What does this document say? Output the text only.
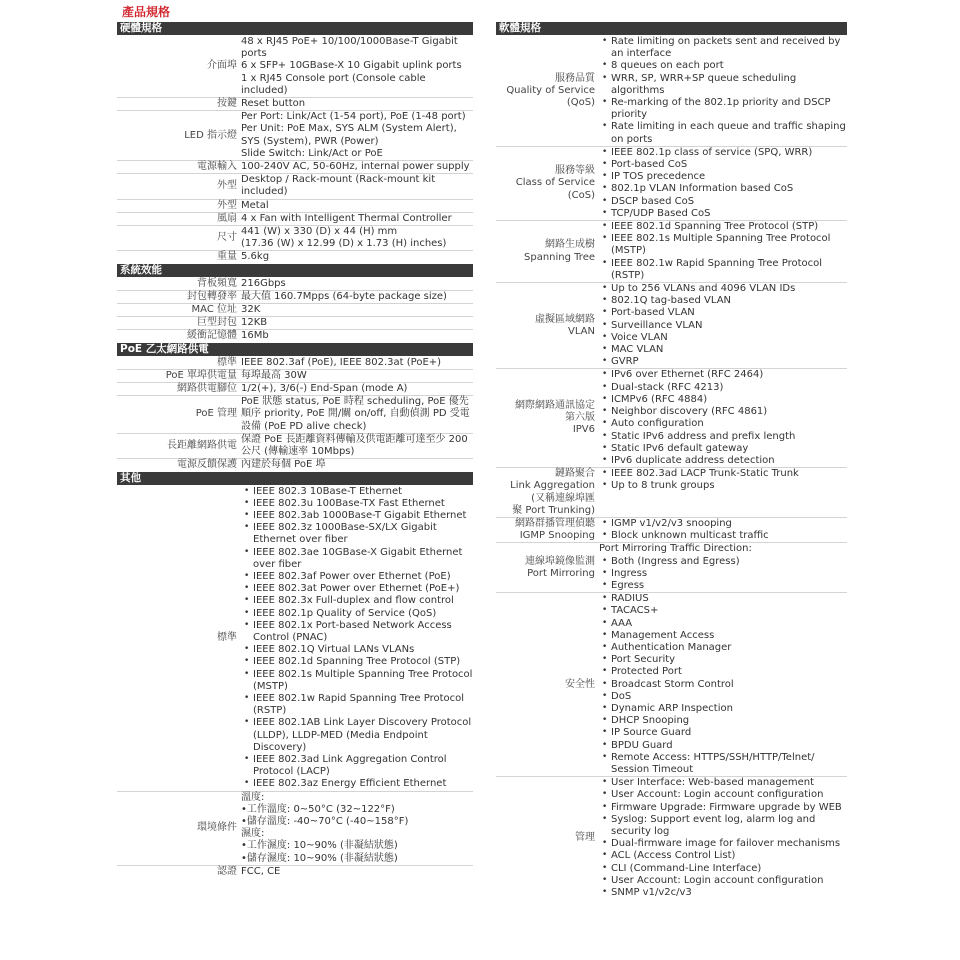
產品規格
硬體規格
介面埠
48 x RJ45 PoE+ 10/100/1000Base-T Gigabit ports
6 x SFP+ 10GBase-X 10 Gigabit uplink ports
1 x RJ45 Console port (Console cable included)
按鍵 Reset button
LED 指示燈
Per Port: Link/Act (1-54 port), PoE (1-48 port)
Per Unit: PoE Max, SYS ALM (System Alert), SYS (System), PWR (Power)
Slide Switch: Link/Act or PoE
電源輸入 100-240V AC, 50-60Hz, internal power supply
外型
Desktop / Rack-mount (Rack-mount kit included)
外型 Metal
風扇 4 x Fan with Intelligent Thermal Controller
尺寸
441 (W) x 330 (D) x 44 (H) mm
(17.36 (W) x 12.99 (D) x 1.73 (H) inches)
重量 5.6kg
系統效能
背板頻寬 216Gbps
封包轉發率 最大值 160.7Mpps (64-byte package size)
MAC 位址 32K
巨型封包 12KB
緩衝記憶體 16Mb
PoE 乙太網路供電
標準 IEEE 802.3af (PoE), IEEE 802.3at (PoE+)
PoE 單埠供電量 每埠最高 30W
網路供電腳位 1/2(+), 3/6(-) End-Span (mode A)
PoE 管理
PoE 狀態 status, PoE 時程 scheduling, PoE 優先順序 priority, PoE 開/關 on/off, 自動偵測 PD 受電設備 (PoE PD alive check)
長距離網路供電
保證 PoE 長距離資料傳輸及供電距離可達至少 200 公尺 (傳輸速率 10Mbps)
電源反饋保護 內建於每個 PoE 埠
其他
標準
• IEEE 802.3 10Base-T Ethernet
• IEEE 802.3u 100Base-TX Fast Ethernet
• IEEE 802.3ab 1000Base-T Gigabit Ethernet
• IEEE 802.3z 1000Base-SX/LX Gigabit Ethernet over fiber
• IEEE 802.3ae 10GBase-X Gigabit Ethernet over fiber
• IEEE 802.3af Power over Ethernet (PoE)
• IEEE 802.3at Power over Ethernet (PoE+)
• IEEE 802.3x Full-duplex and flow control
• IEEE 802.1p Quality of Service (QoS)
• IEEE 802.1x Port-based Network Access Control (PNAC)
• IEEE 802.1Q Virtual LANs VLANs
• IEEE 802.1d Spanning Tree Protocol (STP)
• IEEE 802.1s Multiple Spanning Tree Protocol (MSTP)
• IEEE 802.1w Rapid Spanning Tree Protocol (RSTP)
• IEEE 802.1AB Link Layer Discovery Protocol (LLDP), LLDP-MED (Media Endpoint Discovery)
• IEEE 802.3ad Link Aggregation Control Protocol (LACP)
• IEEE 802.3az Energy Efficient Ethernet
環境條件
溫度:
•工作溫度: 0~50°C (32~122°F)
•儲存溫度: -40~70°C (-40~158°F)
濕度:
•工作濕度: 10~90% (非凝結狀態)
•儲存濕度: 10~90% (非凝結狀態)
認證 FCC, CE
軟體規格
服務品質
Quality of Service
(QoS)
• Rate limiting on packets sent and received by an interface
• 8 queues on each port
• WRR, SP, WRR+SP queue scheduling algorithms
• Re-marking of the 802.1p priority and DSCP priority
• Rate limiting in each queue and traffic shaping on ports
服務等級
Class of Service
(CoS)
• IEEE 802.1p class of service (SPQ, WRR)
• Port-based CoS
• IP TOS precedence
• 802.1p VLAN Information based CoS
• DSCP based CoS
• TCP/UDP Based CoS
網路生成樹
Spanning Tree
• IEEE 802.1d Spanning Tree Protocol (STP)
• IEEE 802.1s Multiple Spanning Tree Protocol (MSTP)
• IEEE 802.1w Rapid Spanning Tree Protocol (RSTP)
虛擬區域網路
VLAN
• Up to 256 VLANs and 4096 VLAN IDs
• 802.1Q tag-based VLAN
• Port-based VLAN
• Surveillance VLAN
• Voice VLAN
• MAC VLAN
• GVRP
網際網路通訊協定
第六版
IPV6
• IPv6 over Ethernet (RFC 2464)
• Dual-stack (RFC 4213)
• ICMPv6 (RFC 4884)
• Neighbor discovery (RFC 4861)
• Auto configuration
• Static IPv6 address and prefix length
• Static IPv6 default gateway
• IPv6 duplicate address detection
鏈路聚合
Link Aggregation
(又稱連線埠匯
聚 Port Trunking)
• IEEE 802.3ad LACP Trunk-Static Trunk
• Up to 8 trunk groups
網路群播管理偵聽
IGMP Snooping
• IGMP v1/v2/v3 snooping
• Block unknown multicast traffic
連線埠鏡像監測
Port Mirroring
Port Mirroring Traffic Direction:
• Both (Ingress and Egress)
• Ingress
• Egress
安全性
• RADIUS
• TACACS+
• AAA
• Management Access
• Authentication Manager
• Port Security
• Protected Port
• Broadcast Storm Control
• DoS
• Dynamic ARP Inspection
• DHCP Snooping
• IP Source Guard
• BPDU Guard
• Remote Access: HTTPS/SSH/HTTP/Telnet/ Session Timeout
管理
• User Interface: Web-based management
• User Account: Login account configuration
• Firmware Upgrade: Firmware upgrade by WEB
• Syslog: Support event log, alarm log and security log
• Dual-firmware image for failover mechanisms
• ACL (Access Control List)
• CLI (Command-Line Interface)
• User Account: Login account configuration
• SNMP v1/v2c/v3
